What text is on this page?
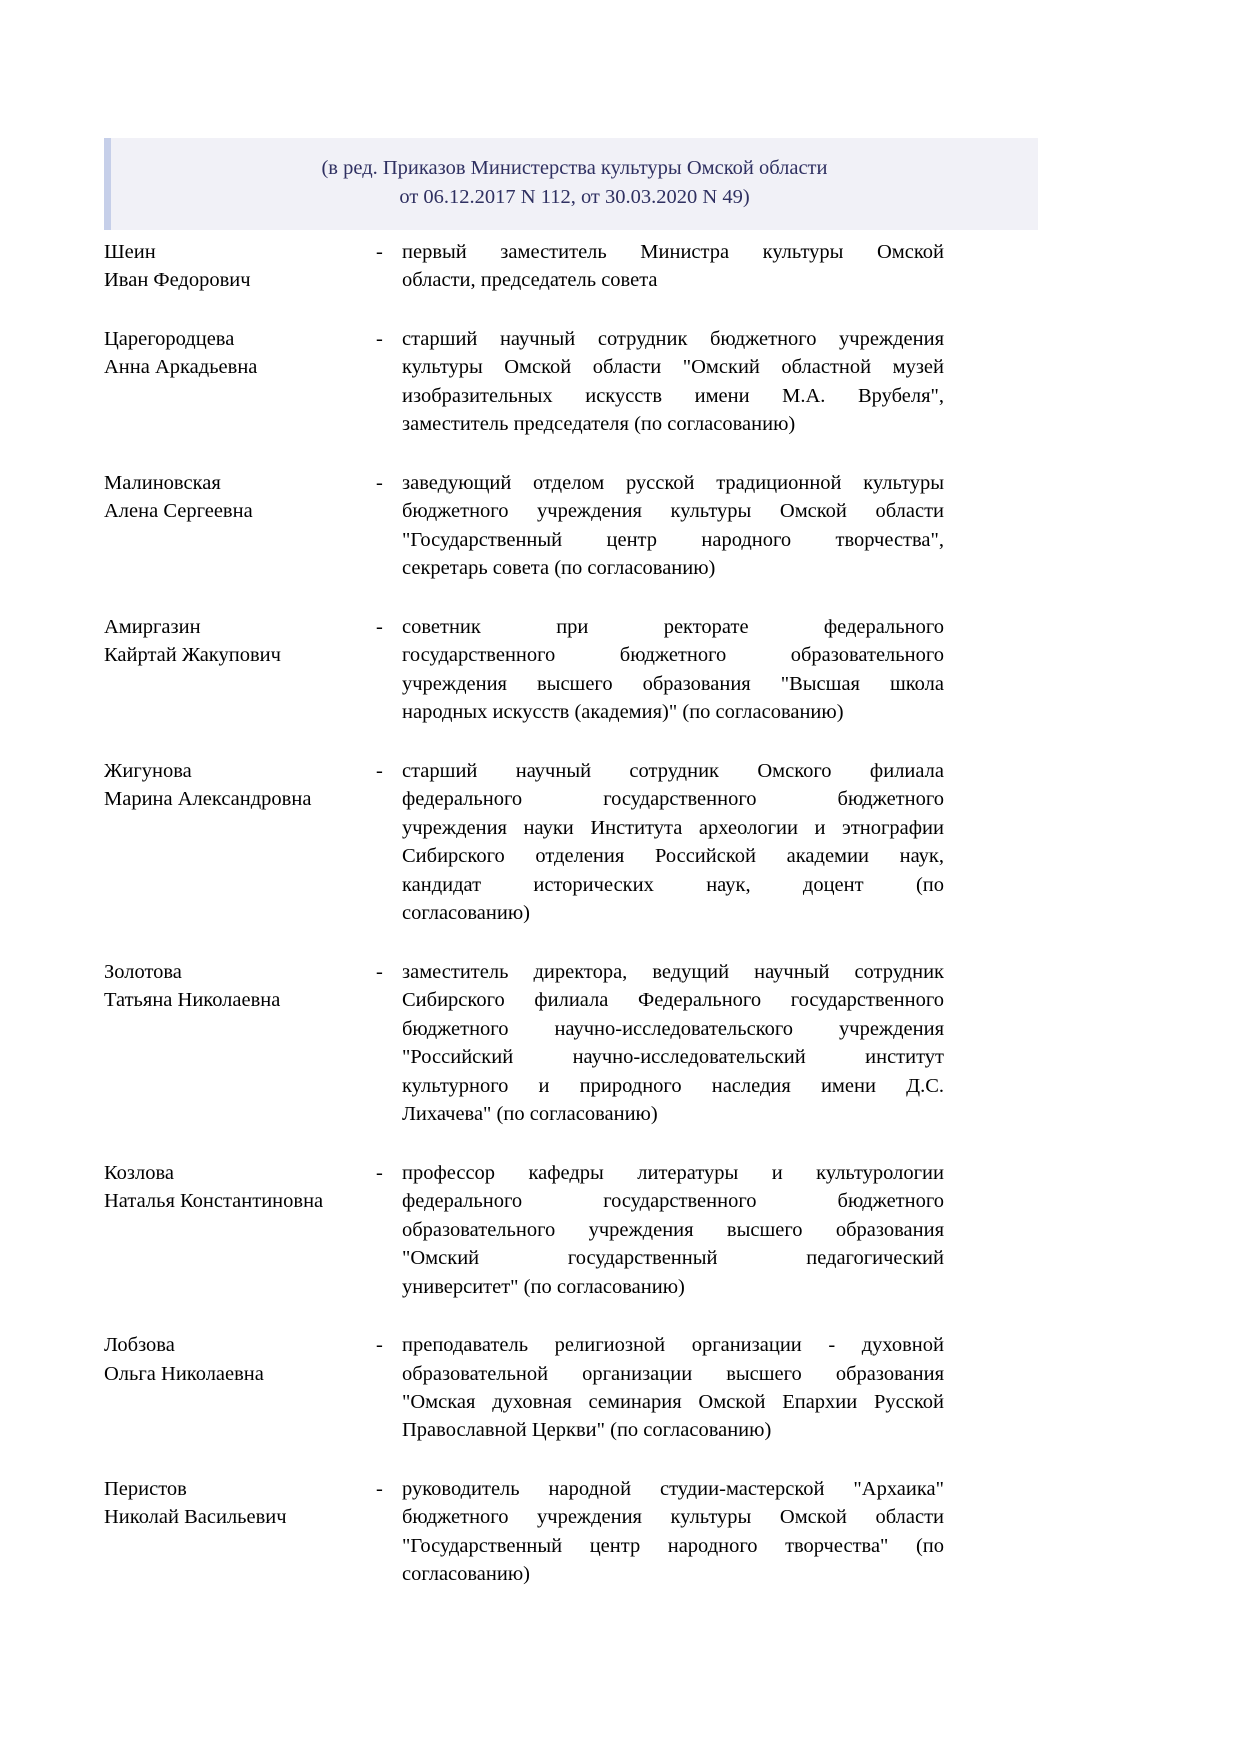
(в ред. Приказов Министерства культуры Омской области
от 06.12.2017 N 112, от 30.03.2020 N 49)
Шеин
Иван Федорович
- первый заместитель Министра культуры Омской
области, председатель совета
Царегородцева
Анна Аркадьевна
- старший научный сотрудник бюджетного учреждения
культуры Омской области "Омский областной музей
изобразительных искусств имени М.А. Врубеля",
заместитель председателя (по согласованию)
Малиновская
Алена Сергеевна
- заведующий отделом русской традиционной культуры
бюджетного учреждения культуры Омской области
"Государственный центр народного творчества",
секретарь совета (по согласованию)
Амиргазин
Кайртай Жакупович
- советник при ректорате федерального
государственного бюджетного образовательного
учреждения высшего образования "Высшая школа
народных искусств (академия)" (по согласованию)
Жигунова
Марина Александровна
- старший научный сотрудник Омского филиала
федерального государственного бюджетного
учреждения науки Института археологии и этнографии
Сибирского отделения Российской академии наук,
кандидат исторических наук, доцент (по
согласованию)
Золотова
Татьяна Николаевна
- заместитель директора, ведущий научный сотрудник
Сибирского филиала Федерального государственного
бюджетного научно-исследовательского учреждения
"Российский научно-исследовательский институт
культурного и природного наследия имени Д.С.
Лихачева" (по согласованию)
Козлова
Наталья Константиновна
- профессор кафедры литературы и культурологии
федерального государственного бюджетного
образовательного учреждения высшего образования
"Омский государственный педагогический
университет" (по согласованию)
Лобзова
Ольга Николаевна
- преподаватель религиозной организации - духовной
образовательной организации высшего образования
"Омская духовная семинария Омской Епархии Русской
Православной Церкви" (по согласованию)
Перистов
Николай Васильевич
- руководитель народной студии-мастерской "Архаика"
бюджетного учреждения культуры Омской области
"Государственный центр народного творчества" (по
согласованию)
